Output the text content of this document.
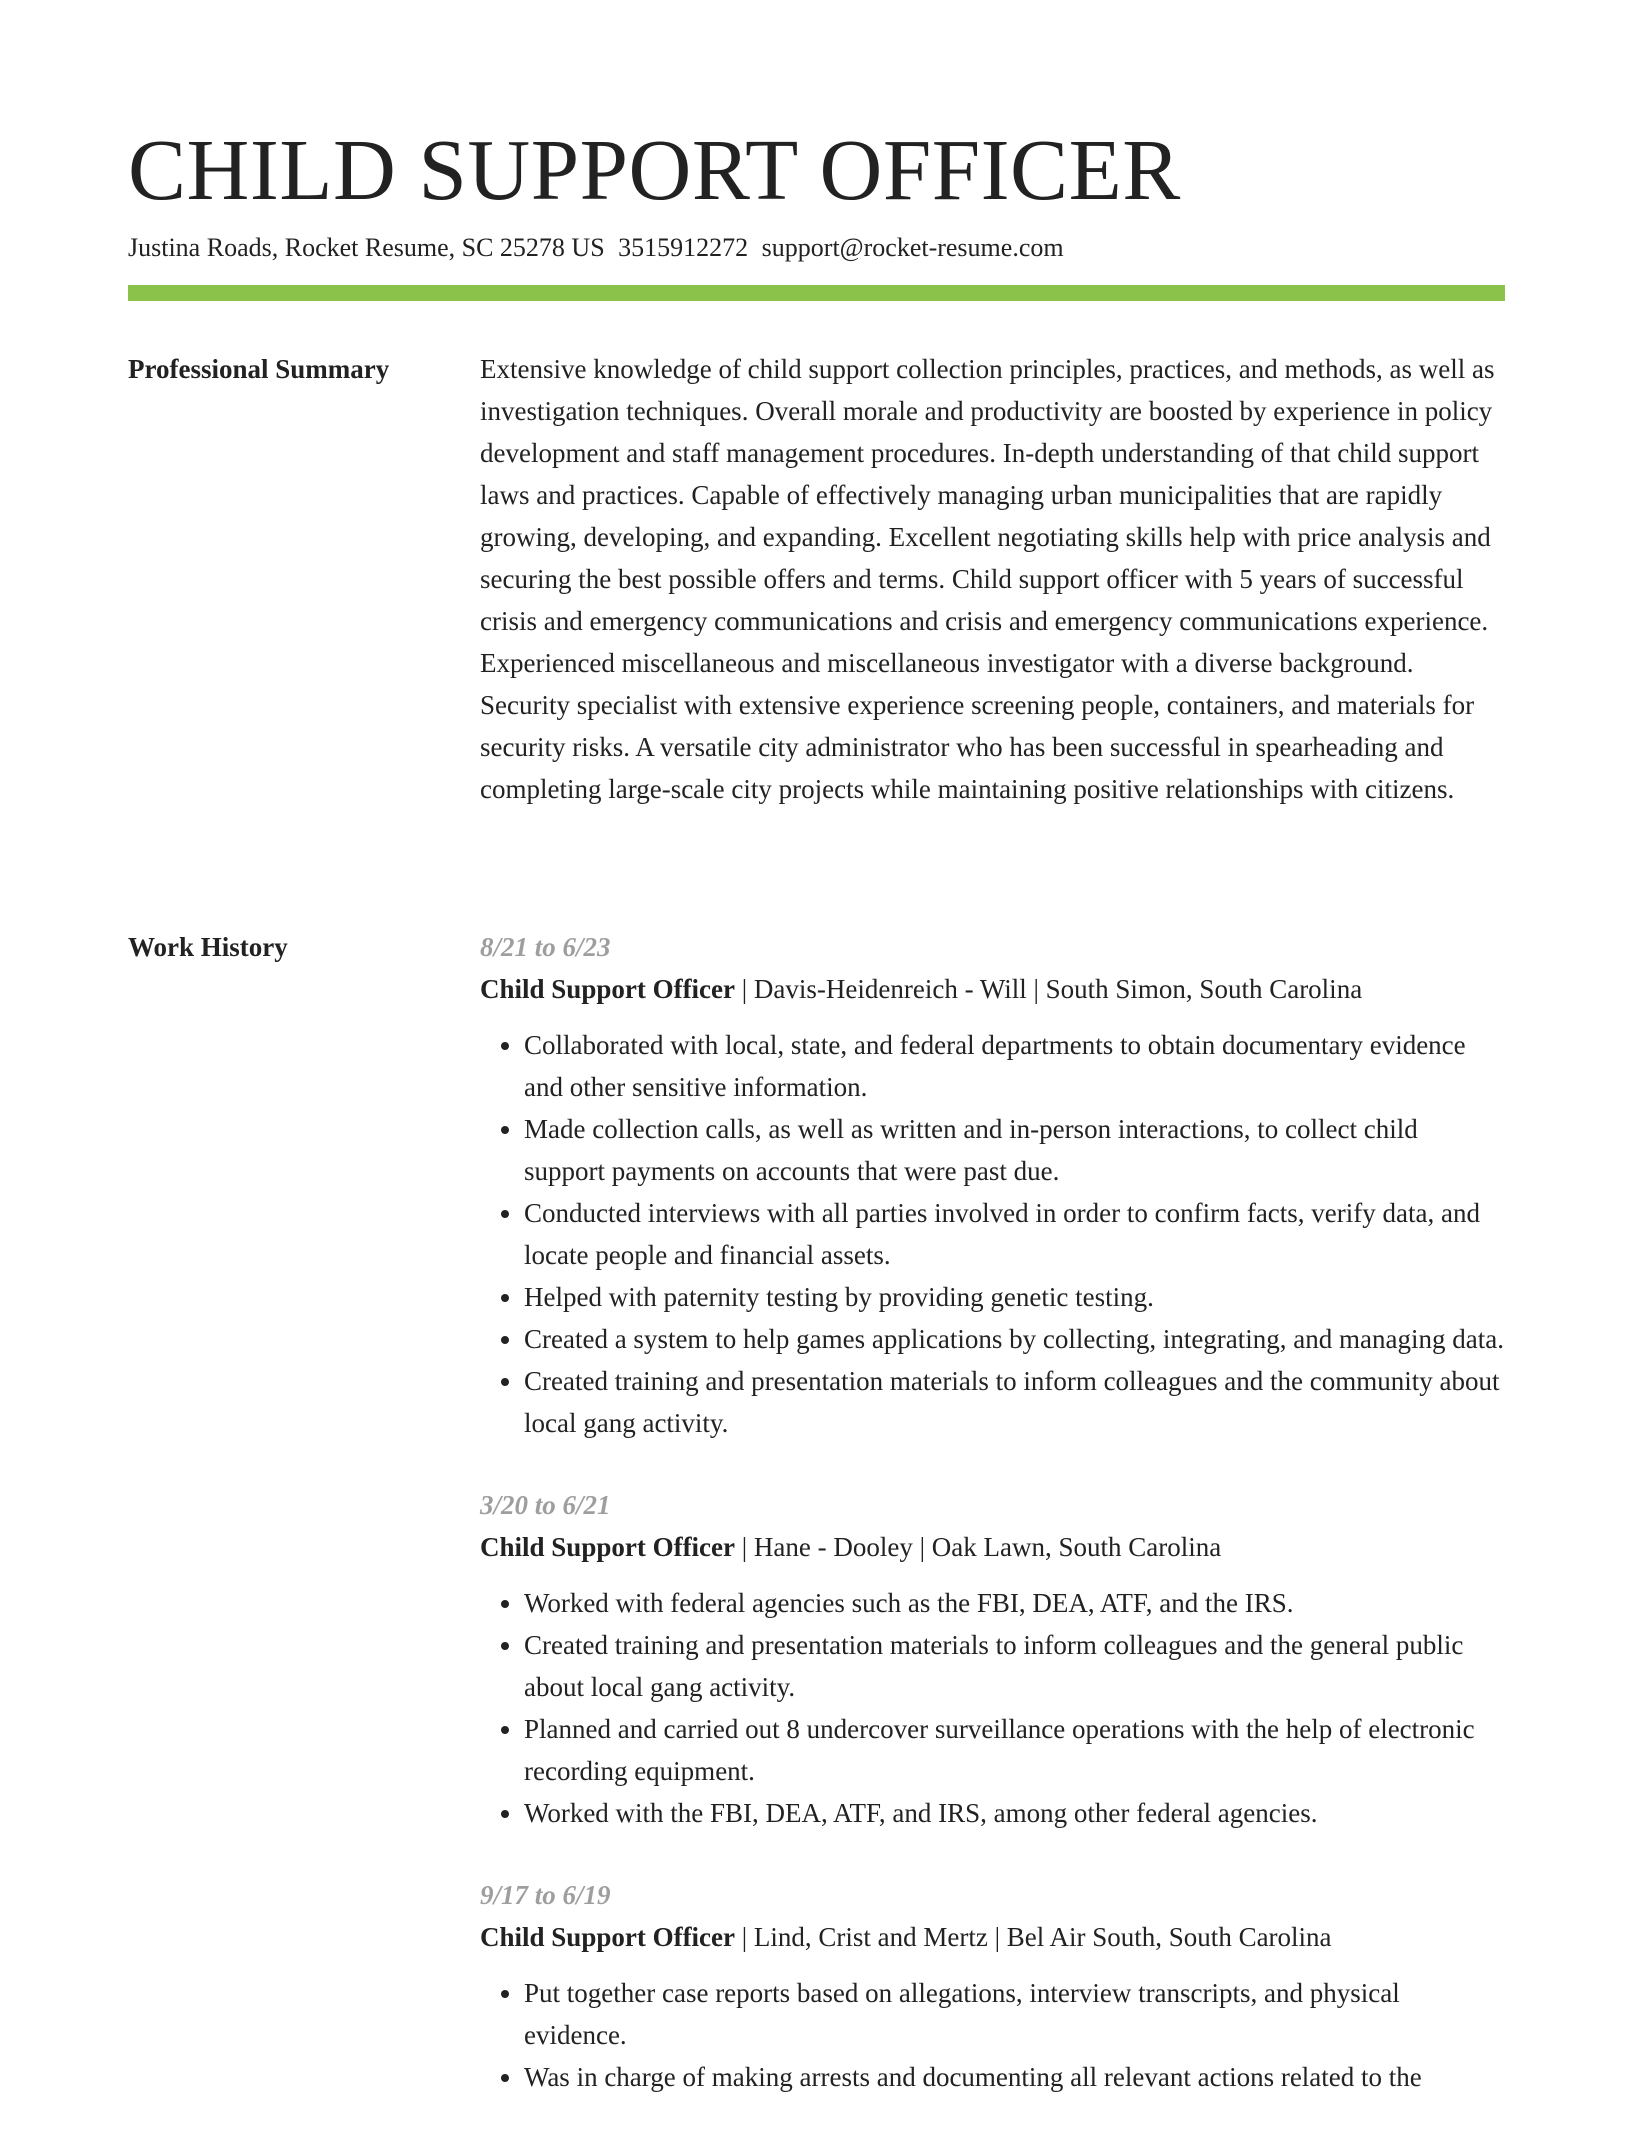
CHILD SUPPORT OFFICER
Justina Roads, Rocket Resume, SC 25278 US 3515912272 support@rocket-resume.com
Professional Summary	Extensive knowledge of child support collection principles, practices, and methods, as well as investigation techniques. Overall morale and productivity are boosted by experience in policy development and staff management procedures. In-depth understanding of that child support laws and practices. Capable of effectively managing urban municipalities that are rapidly growing, developing, and expanding. Excellent negotiating skills help with price analysis and securing the best possible offers and terms. Child support officer with 5 years of successful crisis and emergency communications and crisis and emergency communications experience. Experienced miscellaneous and miscellaneous investigator with a diverse background. Security specialist with extensive experience screening people, containers, and materials for security risks. A versatile city administrator who has been successful in spearheading and completing large-scale city projects while maintaining positive relationships with citizens.

Work History	8/21 to 6/23
Child Support Officer | Davis-Heidenreich - Will | South Simon, South Carolina
• Collaborated with local, state, and federal departments to obtain documentary evidence and other sensitive information.
• Made collection calls, as well as written and in-person interactions, to collect child support payments on accounts that were past due.
• Conducted interviews with all parties involved in order to confirm facts, verify data, and locate people and financial assets.
• Helped with paternity testing by providing genetic testing.
• Created a system to help games applications by collecting, integrating, and managing data.
• Created training and presentation materials to inform colleagues and the community about local gang activity.
3/20 to 6/21
Child Support Officer | Hane - Dooley | Oak Lawn, South Carolina
• Worked with federal agencies such as the FBI, DEA, ATF, and the IRS.
• Created training and presentation materials to inform colleagues and the general public about local gang activity.
• Planned and carried out 8 undercover surveillance operations with the help of electronic recording equipment.
• Worked with the FBI, DEA, ATF, and IRS, among other federal agencies.
9/17 to 6/19
Child Support Officer | Lind, Crist and Mertz | Bel Air South, South Carolina
• Put together case reports based on allegations, interview transcripts, and physical evidence.
• Was in charge of making arrests and documenting all relevant actions related to the
